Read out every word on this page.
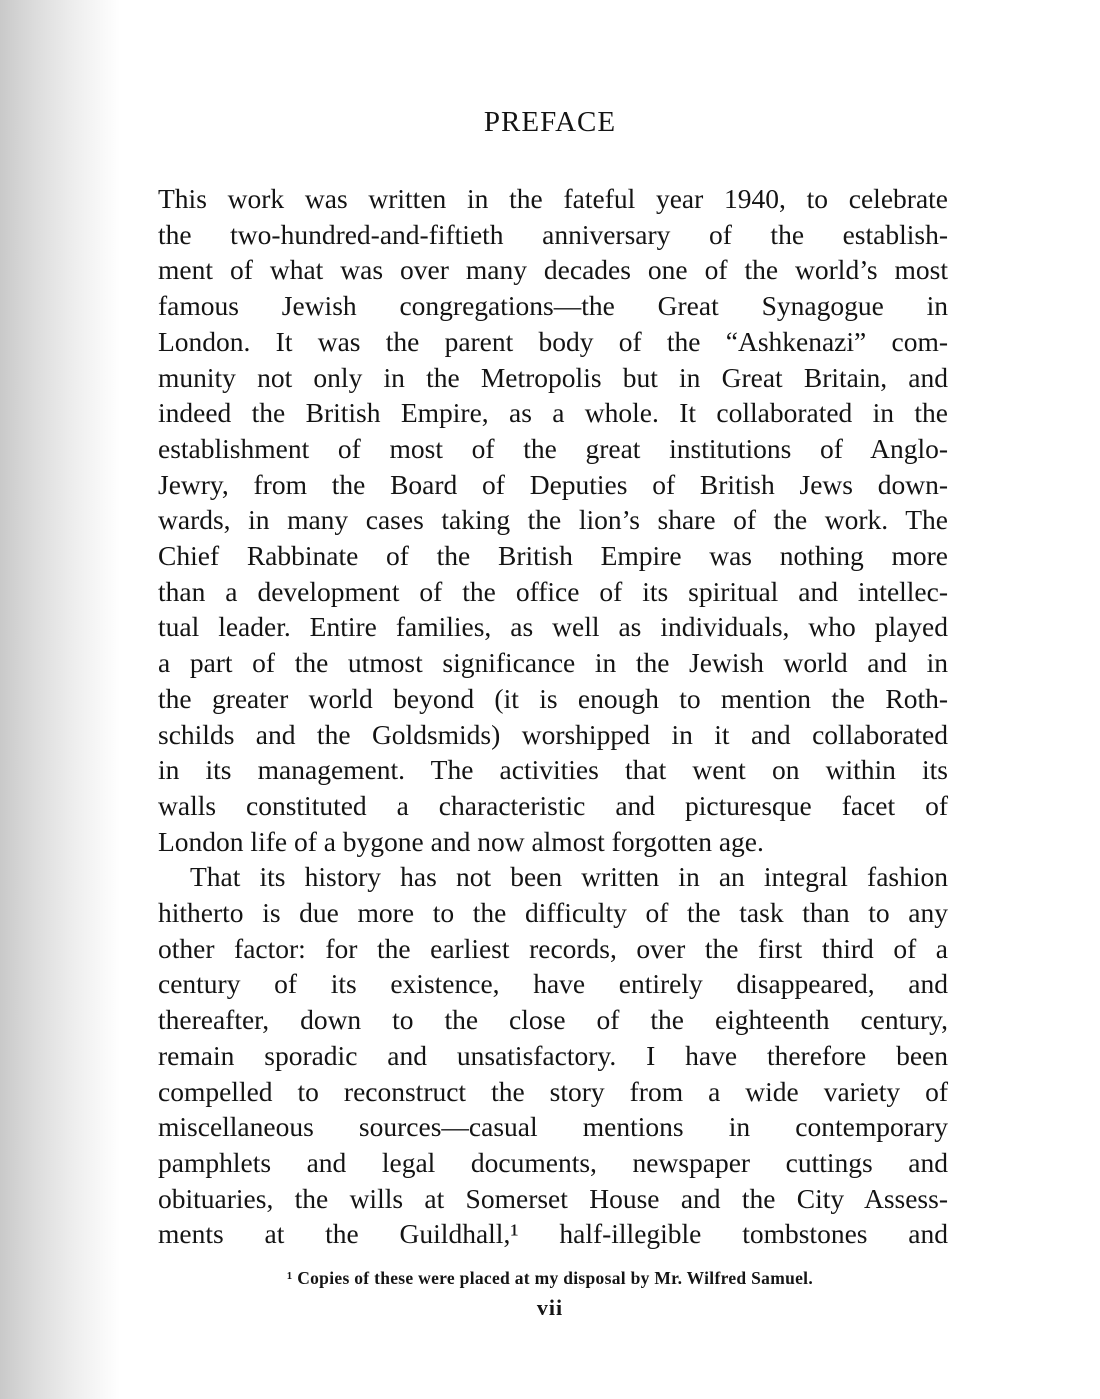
PREFACE
This work was written in the fateful year 1940, to celebrate
the two-hundred-and-fiftieth anniversary of the establish-
ment of what was over many decades one of the world’s most
famous Jewish congregations—the Great Synagogue in
London. It was the parent body of the “Ashkenazi” com-
munity not only in the Metropolis but in Great Britain, and
indeed the British Empire, as a whole. It collaborated in the
establishment of most of the great institutions of Anglo-
Jewry, from the Board of Deputies of British Jews down-
wards, in many cases taking the lion’s share of the work. The
Chief Rabbinate of the British Empire was nothing more
than a development of the office of its spiritual and intellec-
tual leader. Entire families, as well as individuals, who played
a part of the utmost significance in the Jewish world and in
the greater world beyond (it is enough to mention the Roth-
schilds and the Goldsmids) worshipped in it and collaborated
in its management. The activities that went on within its
walls constituted a characteristic and picturesque facet of
London life of a bygone and now almost forgotten age.
That its history has not been written in an integral fashion
hitherto is due more to the difficulty of the task than to any
other factor: for the earliest records, over the first third of a
century of its existence, have entirely disappeared, and
thereafter, down to the close of the eighteenth century,
remain sporadic and unsatisfactory. I have therefore been
compelled to reconstruct the story from a wide variety of
miscellaneous sources—casual mentions in contemporary
pamphlets and legal documents, newspaper cuttings and
obituaries, the wills at Somerset House and the City Assess-
ments at the Guildhall,¹ half-illegible tombstones and
¹ Copies of these were placed at my disposal by Mr. Wilfred Samuel.
vii
